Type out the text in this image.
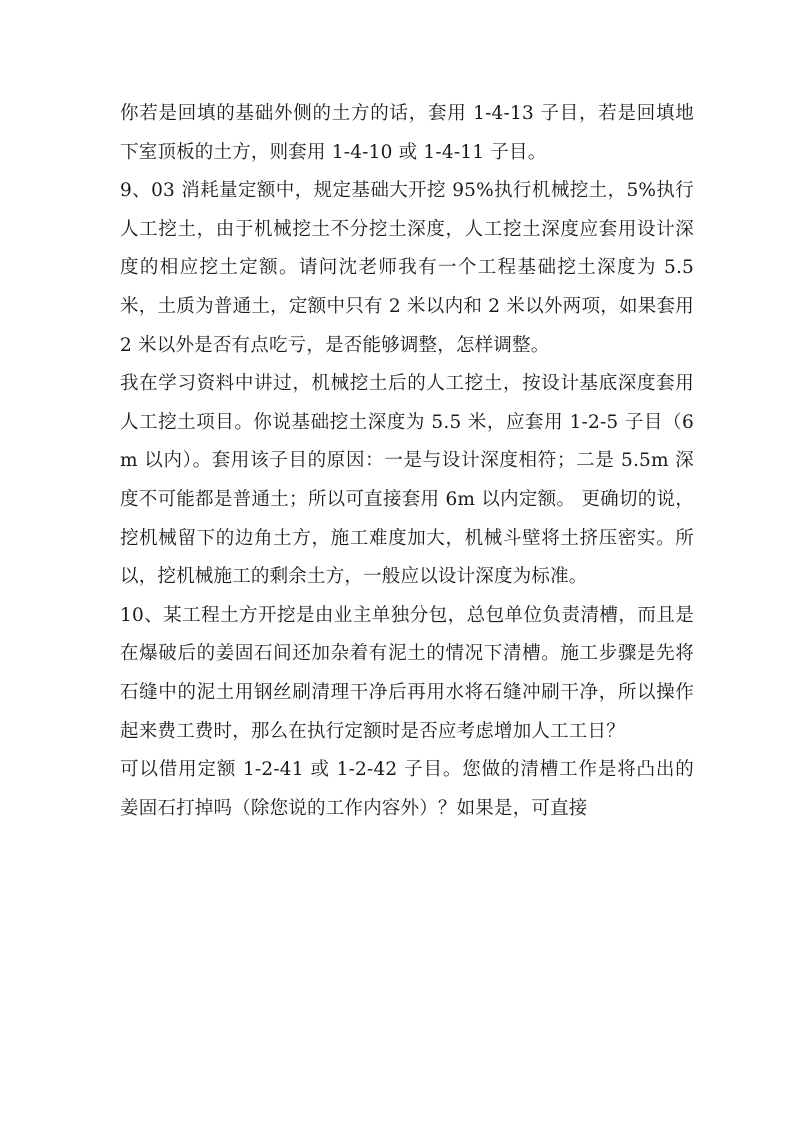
你若是回填的基础外侧的土方的话，套用 1-4-13 子目，若是回填地下室顶板的土方，则套用 1-4-10 或 1-4-11 子目。

9、03 消耗量定额中，规定基础大开挖 95%执行机械挖土，5%执行人工挖土，由于机械挖土不分挖土深度，人工挖土深度应套用设计深度的相应挖土定额。请问沈老师我有一个工程基础挖土深度为 5.5 米，土质为普通土，定额中只有 2 米以内和 2 米以外两项，如果套用 2 米以外是否有点吃亏，是否能够调整，怎样调整。

我在学习资料中讲过，机械挖土后的人工挖土，按设计基底深度套用人工挖土项目。你说基础挖土深度为 5.5 米，应套用 1-2-5 子目（6m 以内）。套用该子目的原因：一是与设计深度相符；二是 5.5m 深度不可能都是普通土；所以可直接套用 6m 以内定额。 更确切的说，挖机械留下的边角土方，施工难度加大，机械斗壁将土挤压密实。所以，挖机械施工的剩余土方，一般应以设计深度为标准。

10、某工程土方开挖是由业主单独分包，总包单位负责清槽，而且是在爆破后的姜固石间还加杂着有泥土的情况下清槽。施工步骤是先将石缝中的泥土用钢丝刷清理干净后再用水将石缝冲刷干净，所以操作起来费工费时，那么在执行定额时是否应考虑增加人工工日？

可以借用定额 1-2-41 或 1-2-42 子目。您做的清槽工作是将凸出的姜固石打掉吗（除您说的工作内容外）？如果是，可直接
